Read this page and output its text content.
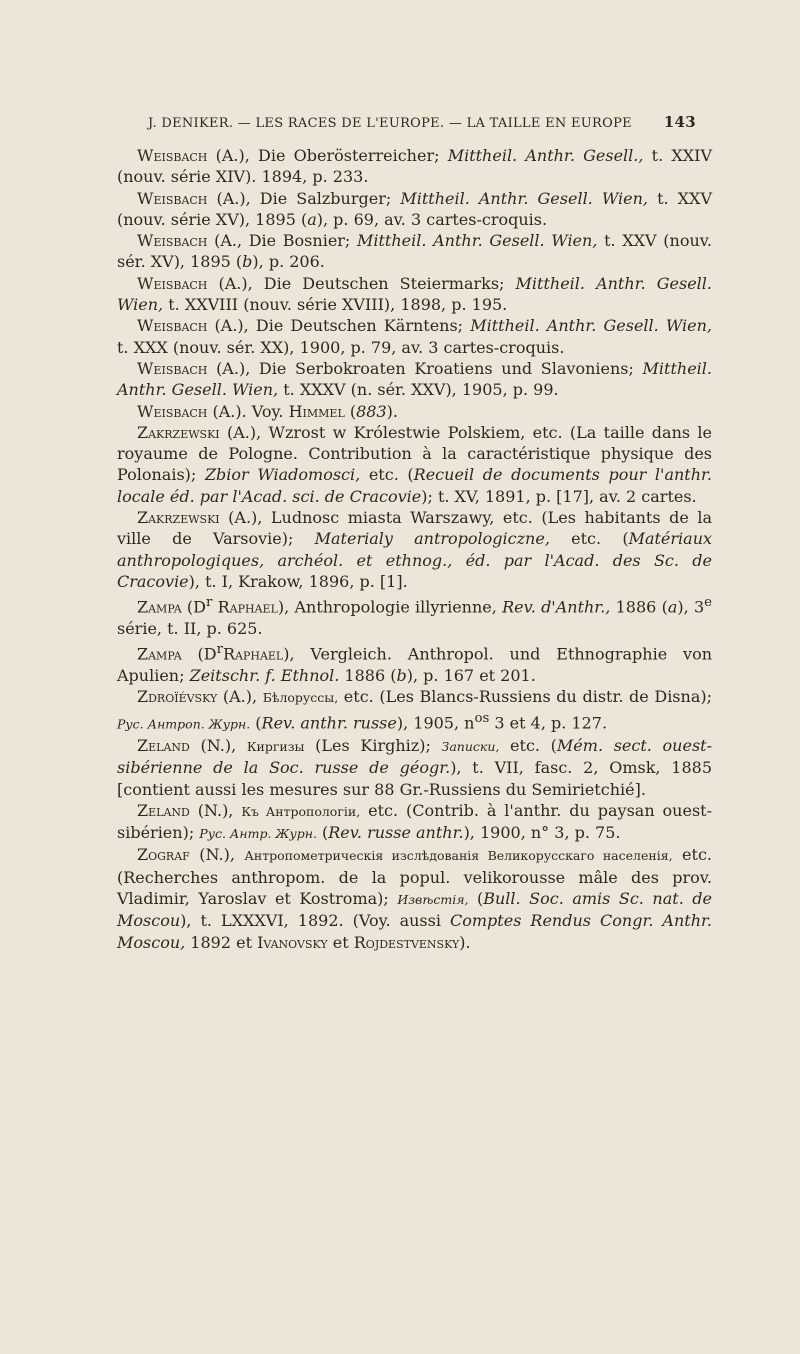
J. DENIKER. — LES RACES DE L'EUROPE. — LA TAILLE EN EUROPE 143

Weisbach (A.), Die Oberösterreicher; Mittheil. Anthr. Gesell., t. XXIV (nouv. série XIV). 1894, p. 233.

Weisbach (A.), Die Salzburger; Mittheil. Anthr. Gesell. Wien, t. XXV (nouv. série XV), 1895 (a), p. 69, av. 3 cartes-croquis.

Weisbach (A., Die Bosnier; Mittheil. Anthr. Gesell. Wien, t. XXV (nouv. sér. XV), 1895 (b), p. 206.

Weisbach (A.), Die Deutschen Steiermarks; Mittheil. Anthr. Gesell. Wien, t. XXVIII (nouv. série XVIII), 1898, p. 195.

Weisbach (A.), Die Deutschen Kärntens; Mittheil. Anthr. Gesell. Wien, t. XXX (nouv. sér. XX), 1900, p. 79, av. 3 cartes-croquis.

Weisbach (A.), Die Serbokroaten Kroatiens und Slavoniens; Mittheil. Anthr. Gesell. Wien, t. XXXV (n. sér. XXV), 1905, p. 99.

Weisbach (A.). Voy. Himmel (883).

Zakrzewski (A.), Wzrost w Królestwie Polskiem, etc. (La taille dans le royaume de Pologne. Contribution à la caractéristique physique des Polonais); Zbior Wiadomosci, etc. (Recueil de documents pour l'anthr. locale éd. par l'Acad. sci. de Cracovie); t. XV, 1891, p. [17], av. 2 cartes.

Zakrzewski (A.), Ludnosc miasta Warszawy, etc. (Les habitants de la ville de Varsovie); Materialy antropologiczne, etc. (Matériaux anthropologiques, archéol. et ethnog., éd. par l'Acad. des Sc. de Cracovie), t. I, Krakow, 1896, p. [1].

Zampa ($D^r$ Raphael), Anthropologie illyrienne, Rev. d'Anthr., 1886 (a), 3e série, t. II, p. 625.

Zampa $(D^rRaphael)$, Vergleich. Anthropol. und Ethnographie von Apulien; Zeitschr. f. Ethnol. 1886 (b), p. 167 et 201.

Zdroïévsky (A.), Бѣлоруссы, etc. (Les Blancs-Russiens du distr. de Disna); Рус. Антроп. Журн. (Rev. anthr. russe), 1905, $n^{os}$ 3 et 4, p. 127.

Zeland (N.), Киргизы (Les Kirghiz); Записки, etc. (Mém. sect. ouest-sibérienne de la Soc. russe de géogr.), t. VII, fasc. 2, Omsk, 1885 [contient aussi les mesures sur 88 Gr.-Russiens du Semirietchié].

Zeland (N.), Къ Антропологіи, etc. (Contrib. à l'anthr. du paysan ouest-sibérien); Рус. Антр. Журн. (Rev. russe anthr.), 1900, n° 3, p. 75.

Zograf (N.), Антропометрическія изслѣдованія Великорусскаго населенія, etc. (Recherches anthropom. de la popul. velikorousse mâle des prov. Vladimir, Yaroslav et Kostroma); Извѣстія, (Bull. Soc. amis Sc. nat. de Moscou), t. LXXXVI, 1892. (Voy. aussi Comptes Rendus Congr. Anthr. Moscou, 1892 et Ivanovsky et Rojdestvensky).
